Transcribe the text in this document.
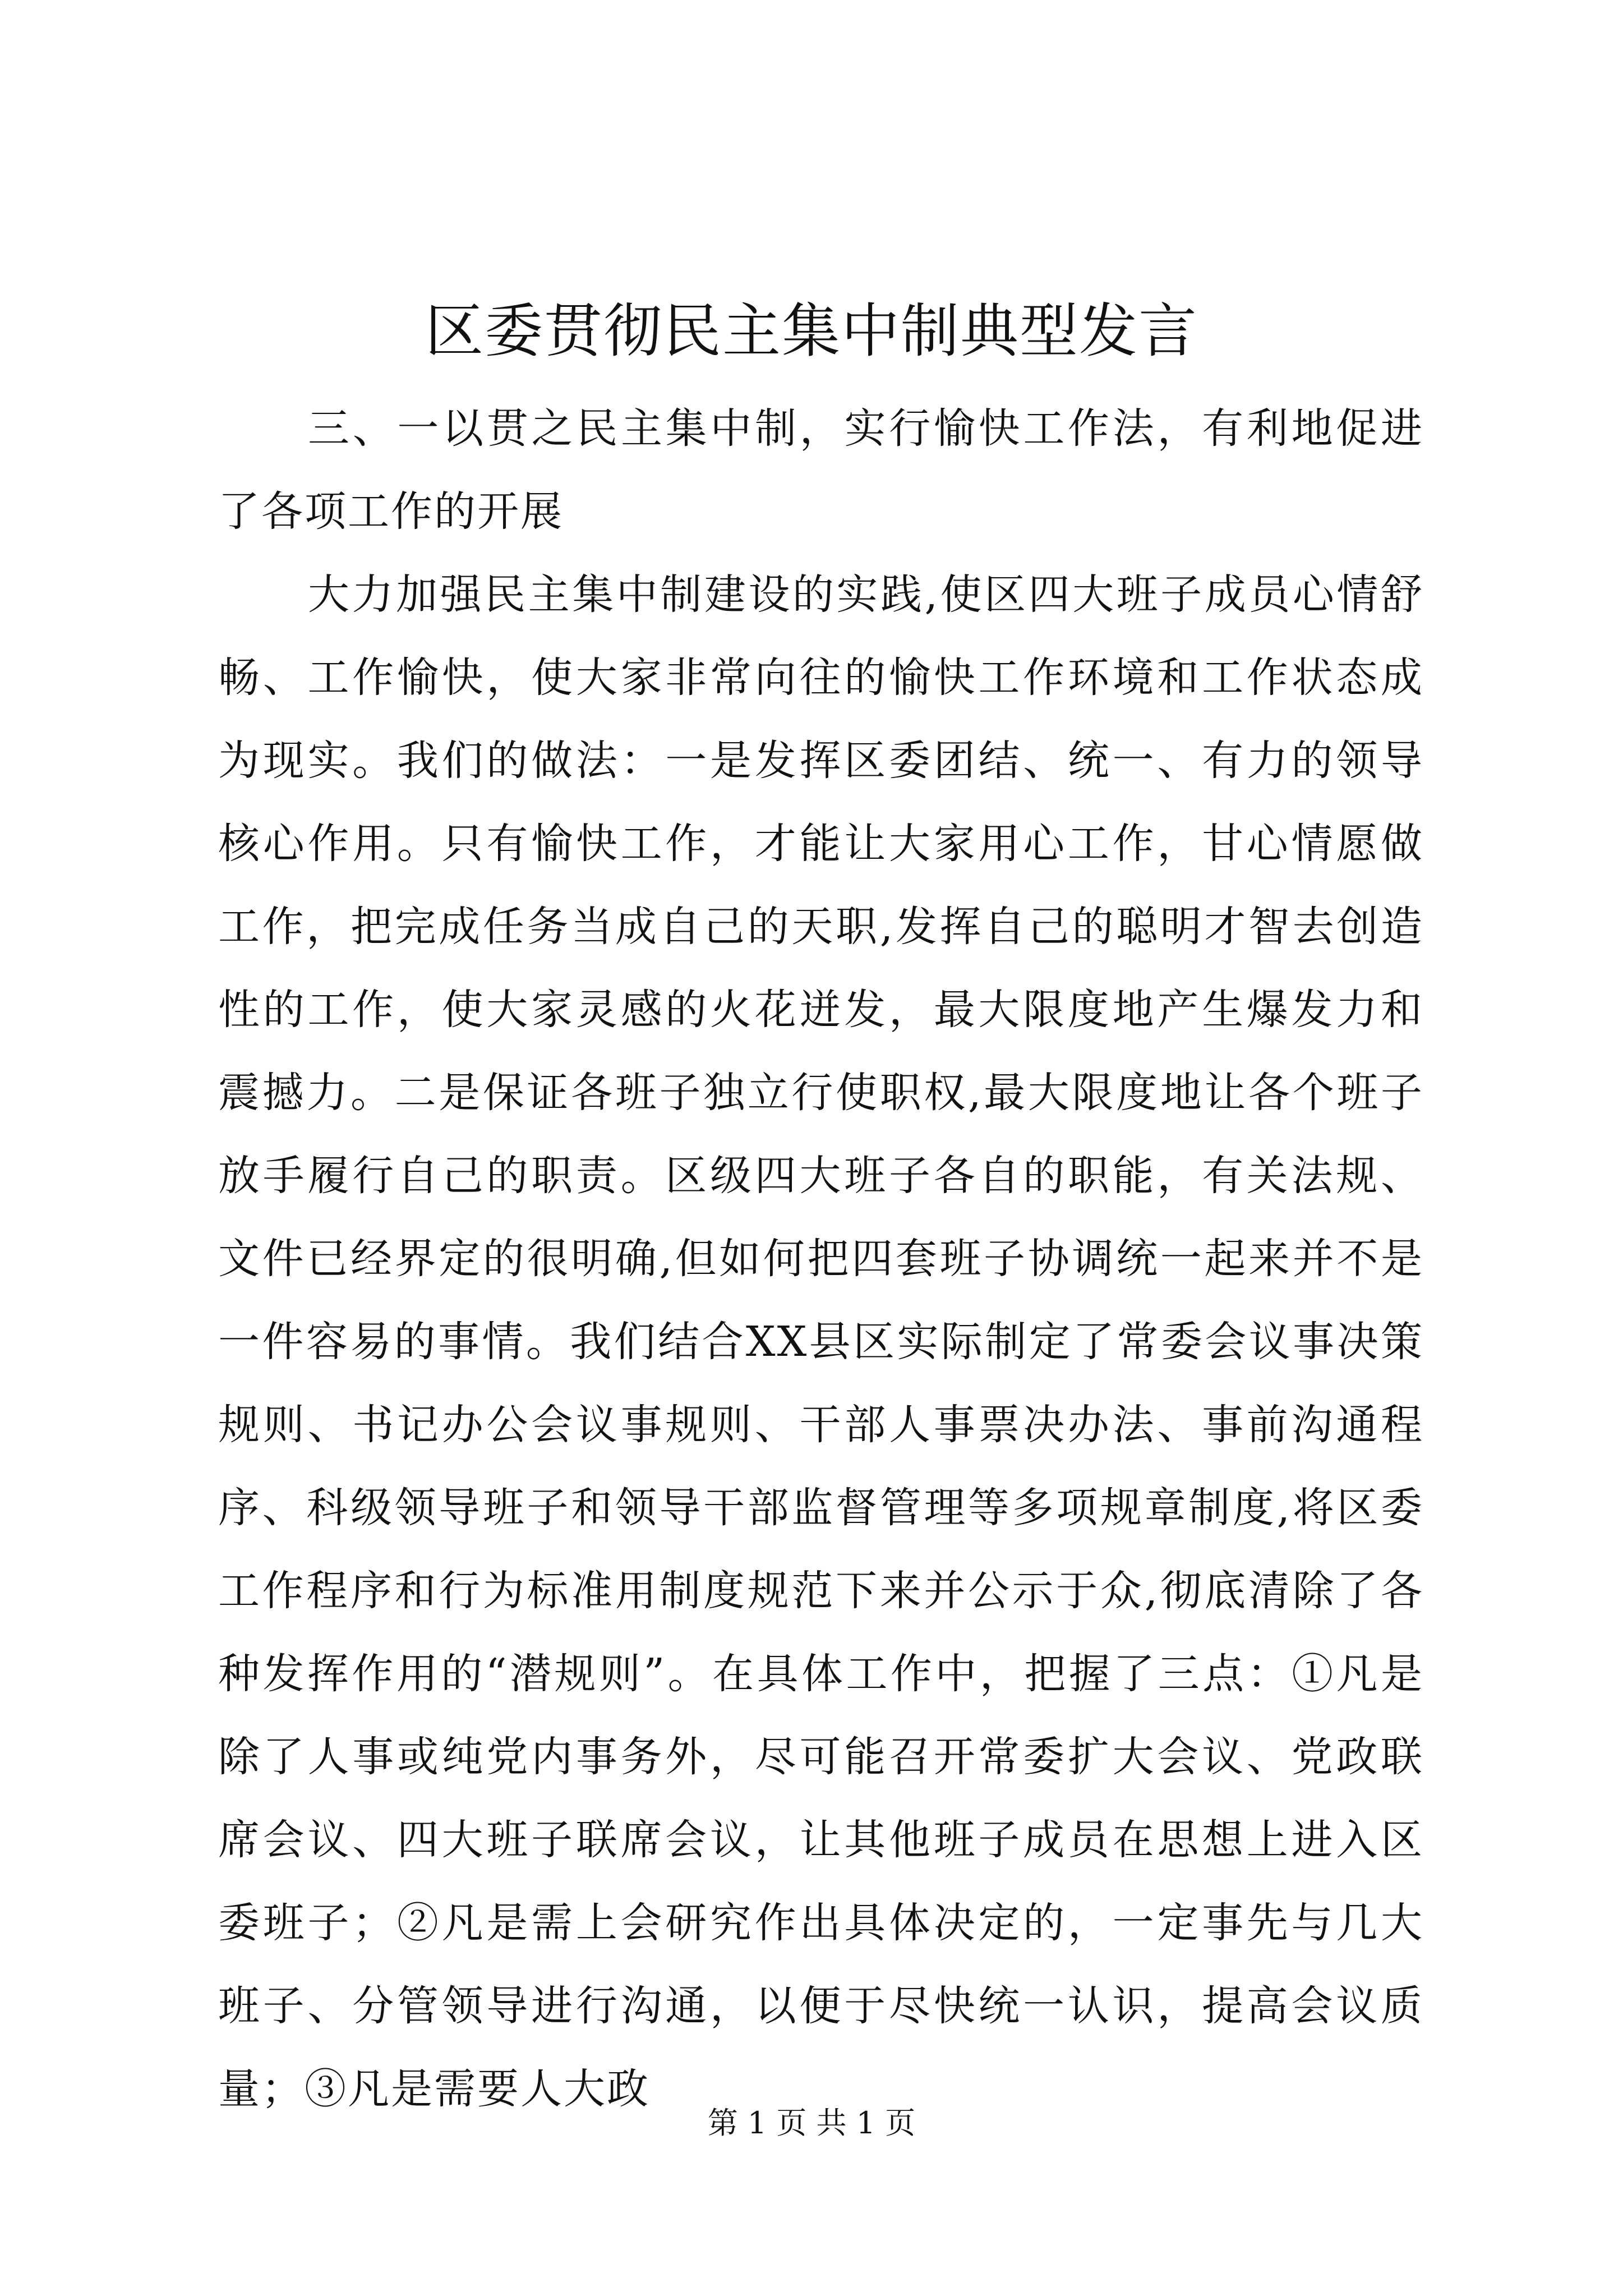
区委贯彻民主集中制典型发言

三、一以贯之民主集中制，实行愉快工作法，有利地促进了各项工作的开展

大力加强民主集中制建设的实践,使区四大班子成员心情舒畅、工作愉快，使大家非常向往的愉快工作环境和工作状态成为现实。我们的做法：一是发挥区委团结、统一、有力的领导核心作用。只有愉快工作，才能让大家用心工作，甘心情愿做工作，把完成任务当成自己的天职,发挥自己的聪明才智去创造性的工作，使大家灵感的火花迸发，最大限度地产生爆发力和震撼力。二是保证各班子独立行使职权,最大限度地让各个班子放手履行自己的职责。区级四大班子各自的职能，有关法规、文件已经界定的很明确,但如何把四套班子协调统一起来并不是一件容易的事情。我们结合XX县区实际制定了常委会议事决策规则、书记办公会议事规则、干部人事票决办法、事前沟通程序、科级领导班子和领导干部监督管理等多项规章制度,将区委工作程序和行为标准用制度规范下来并公示于众,彻底清除了各种发挥作用的“潜规则”。在具体工作中，把握了三点：①凡是除了人事或纯党内事务外，尽可能召开常委扩大会议、党政联席会议、四大班子联席会议，让其他班子成员在思想上进入区委班子；②凡是需上会研究作出具体决定的，一定事先与几大班子、分管领导进行沟通，以便于尽快统一认识，提高会议质量；③凡是需要人大政

第 1 页 共 1 页
